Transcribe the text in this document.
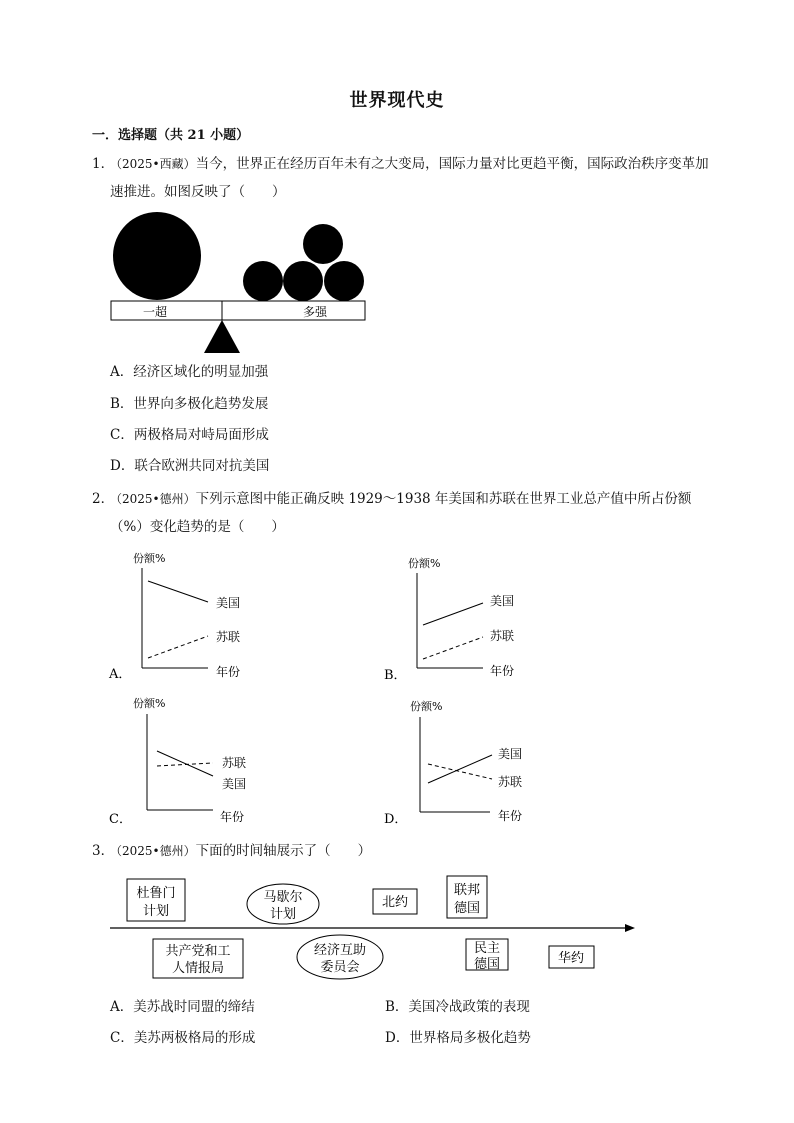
世界现代史
一．选择题（共 21 小题）
1．
（2025•西藏）当今，世界正在经历百年未有之大变局，国际力量对比更趋平衡，国际政治秩序变革加速推进。如图反映了（　　）
一超	多强
A．经济区域化的明显加强
B．世界向多极化趋势发展
C．两极格局对峙局面形成
D．联合欧洲共同对抗美国
2．
（2025•德州）下列示意图中能正确反映 1929～1938 年美国和苏联在世界工业总产值中所占份额（%）变化趋势的是（　　）
份额%
美国
苏联
年份
A．
份额%
美国
苏联
年份
B．
份额%
苏联
美国
年份
C．
份额%
美国
苏联
年份
D．
3．
（2025•德州）下面的时间轴展示了（　　）
杜鲁门
计划
马歇尔
计划
北约
联邦
德国
共产党和工
人情报局
经济互助
委员会
民主
德国	华约
A．美苏战时同盟的缔结	B．美国冷战政策的表现
C．美苏两极格局的形成	D．世界格局多极化趋势
